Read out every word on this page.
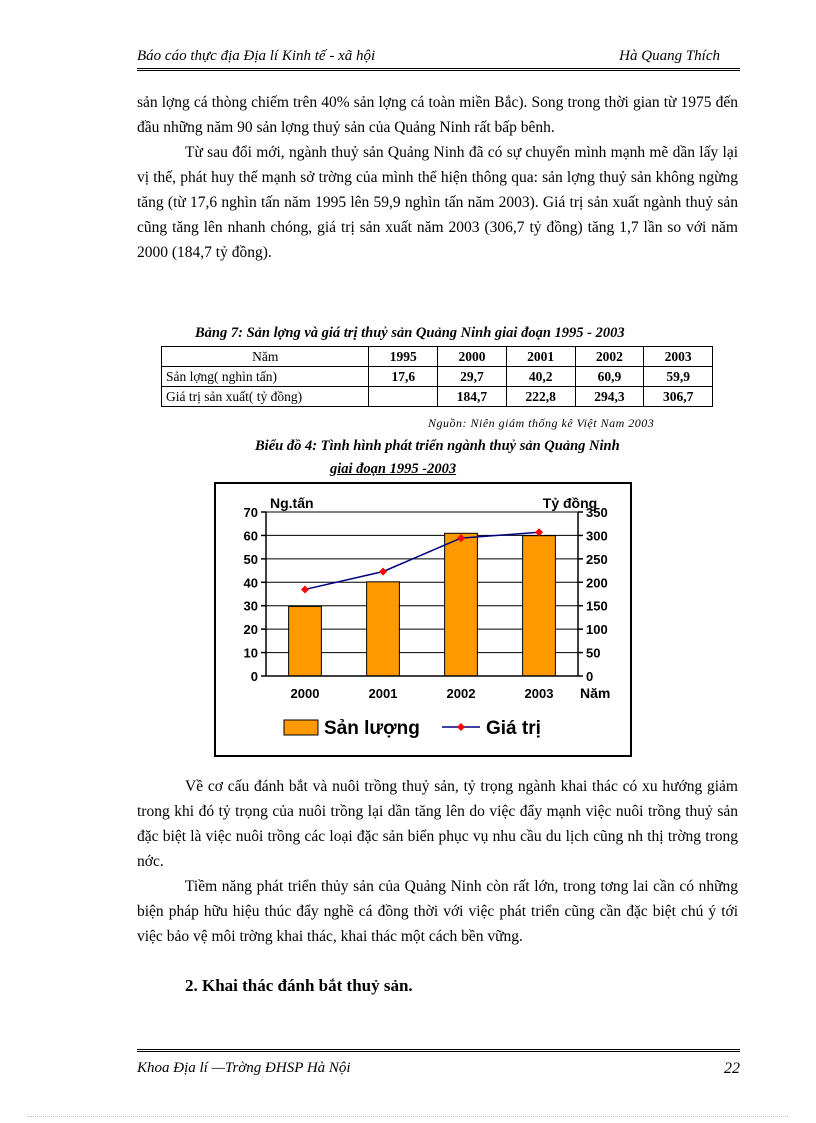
Báo cáo thực địa Địa lí Kinh tế - xã hội	Hà Quang Thích

sản lợng cá thòng chiếm trên 40% sản lợng cá toàn miền Bắc). Song trong thời gian từ 1975 đến đầu những năm 90 sản lợng thuỷ sản của Quảng Ninh rất bấp bênh.

Từ sau đổi mới, ngành thuỷ sản Quảng Ninh đã có sự chuyển mình mạnh mẽ dần lấy lại vị thế, phát huy thế mạnh sở trờng của mình thể hiện thông qua: sản lợng thuỷ sản không ngừng tăng (từ 17,6 nghìn tấn năm 1995 lên 59,9 nghìn tấn năm 2003). Giá trị sản xuất ngành thuỷ sản cũng tăng lên nhanh chóng, giá trị sản xuất năm 2003 (306,7 tỷ đồng) tăng 1,7 lần so với năm 2000 (184,7 tỷ đồng).

Bảng 7: Sản lợng và giá trị thuỷ sản Quảng Ninh giai đoạn 1995 - 2003
Năm	1995	2000	2001	2002	2003
Sản lợng( nghìn tấn)	17,6	29,7	40,2	60,9	59,9
Giá trị sản xuất( tỷ đồng)		184,7	222,8	294,3	306,7
Nguồn: Niên giám thống kê Việt Nam 2003
Biểu đồ 4: Tình hình phát triển ngành thuỷ sản Quảng Ninh
giai đoạn 1995 -2003
0
10
20
30
40
50
60
70
0
50
100
150
200
250
300
350
2000	2001	2002	2003
Ng.tấn	Tỷ đồng
Năm
Sản lượng	Giá trị

Về cơ cấu đánh bắt và nuôi trồng thuỷ sản, tỷ trọng ngành khai thác có xu hướng giảm trong khi đó tỷ trọng của nuôi trồng lại dần tăng lên do việc đẩy mạnh việc nuôi trồng thuỷ sản đặc biệt là việc nuôi trồng các loại đặc sản biển phục vụ nhu cầu du lịch cũng nh thị trờng trong nớc.

Tiềm năng phát triển thủy sản của Quảng Ninh còn rất lớn, trong tơng lai cần có những biện pháp hữu hiệu thúc đẩy nghề cá đồng thời với việc phát triển cũng cần đặc biệt chú ý tới việc bảo vệ môi trờng khai thác, khai thác một cách bền vững.

2. Khai thác đánh bắt thuỷ sản.
Khoa Địa lí —Trờng ĐHSP Hà Nội	22
